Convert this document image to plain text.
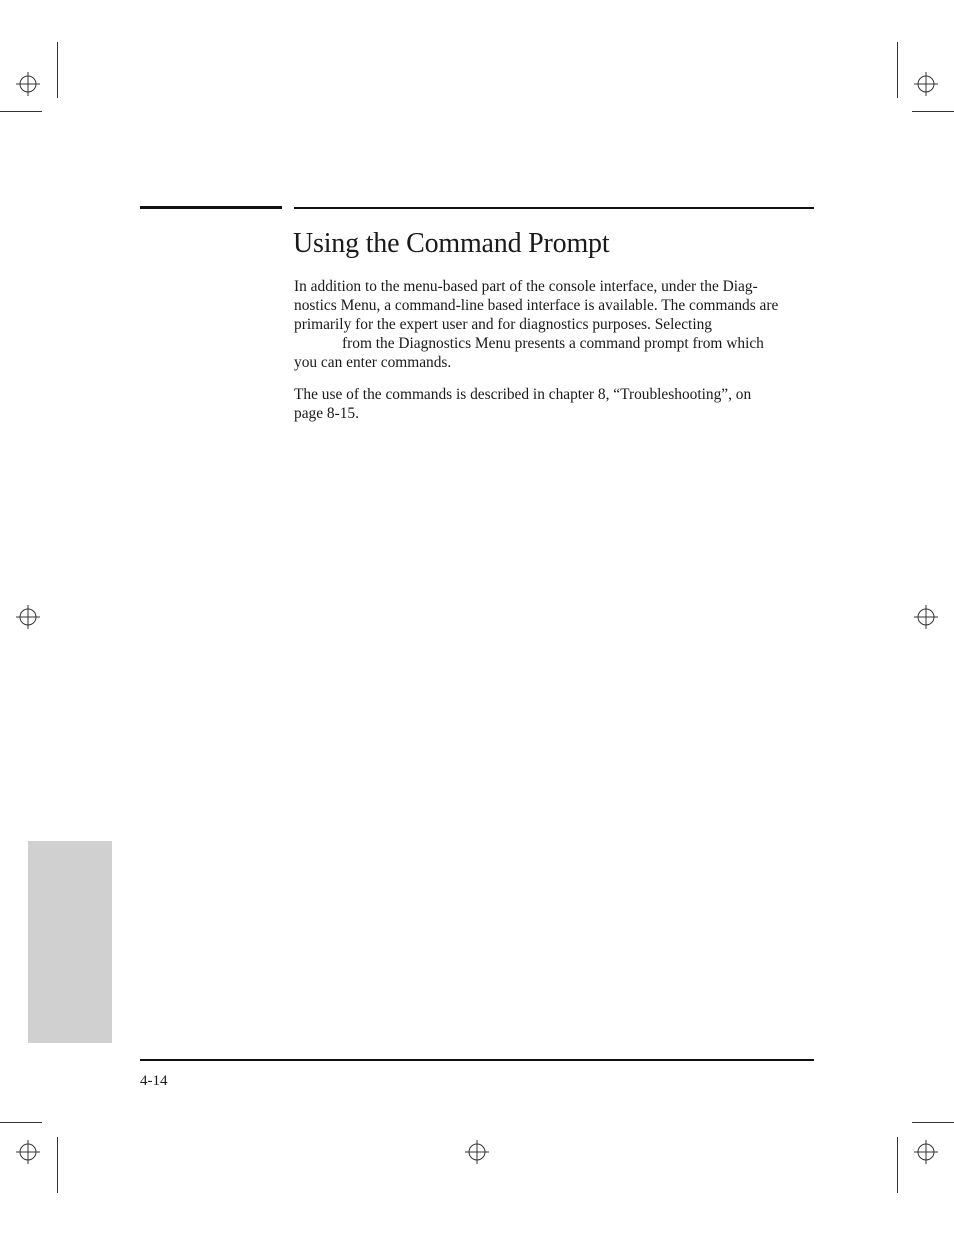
Using the Command Prompt

In addition to the menu-based part of the console interface, under the Diag-
nostics Menu, a command-line based interface is available. The commands are
primarily for the expert user and for diagnostics purposes. Selecting
from the Diagnostics Menu presents a command prompt from which
you can enter commands.

The use of the commands is described in chapter 8, “Troubleshooting”, on
page 8-15.

4-14
